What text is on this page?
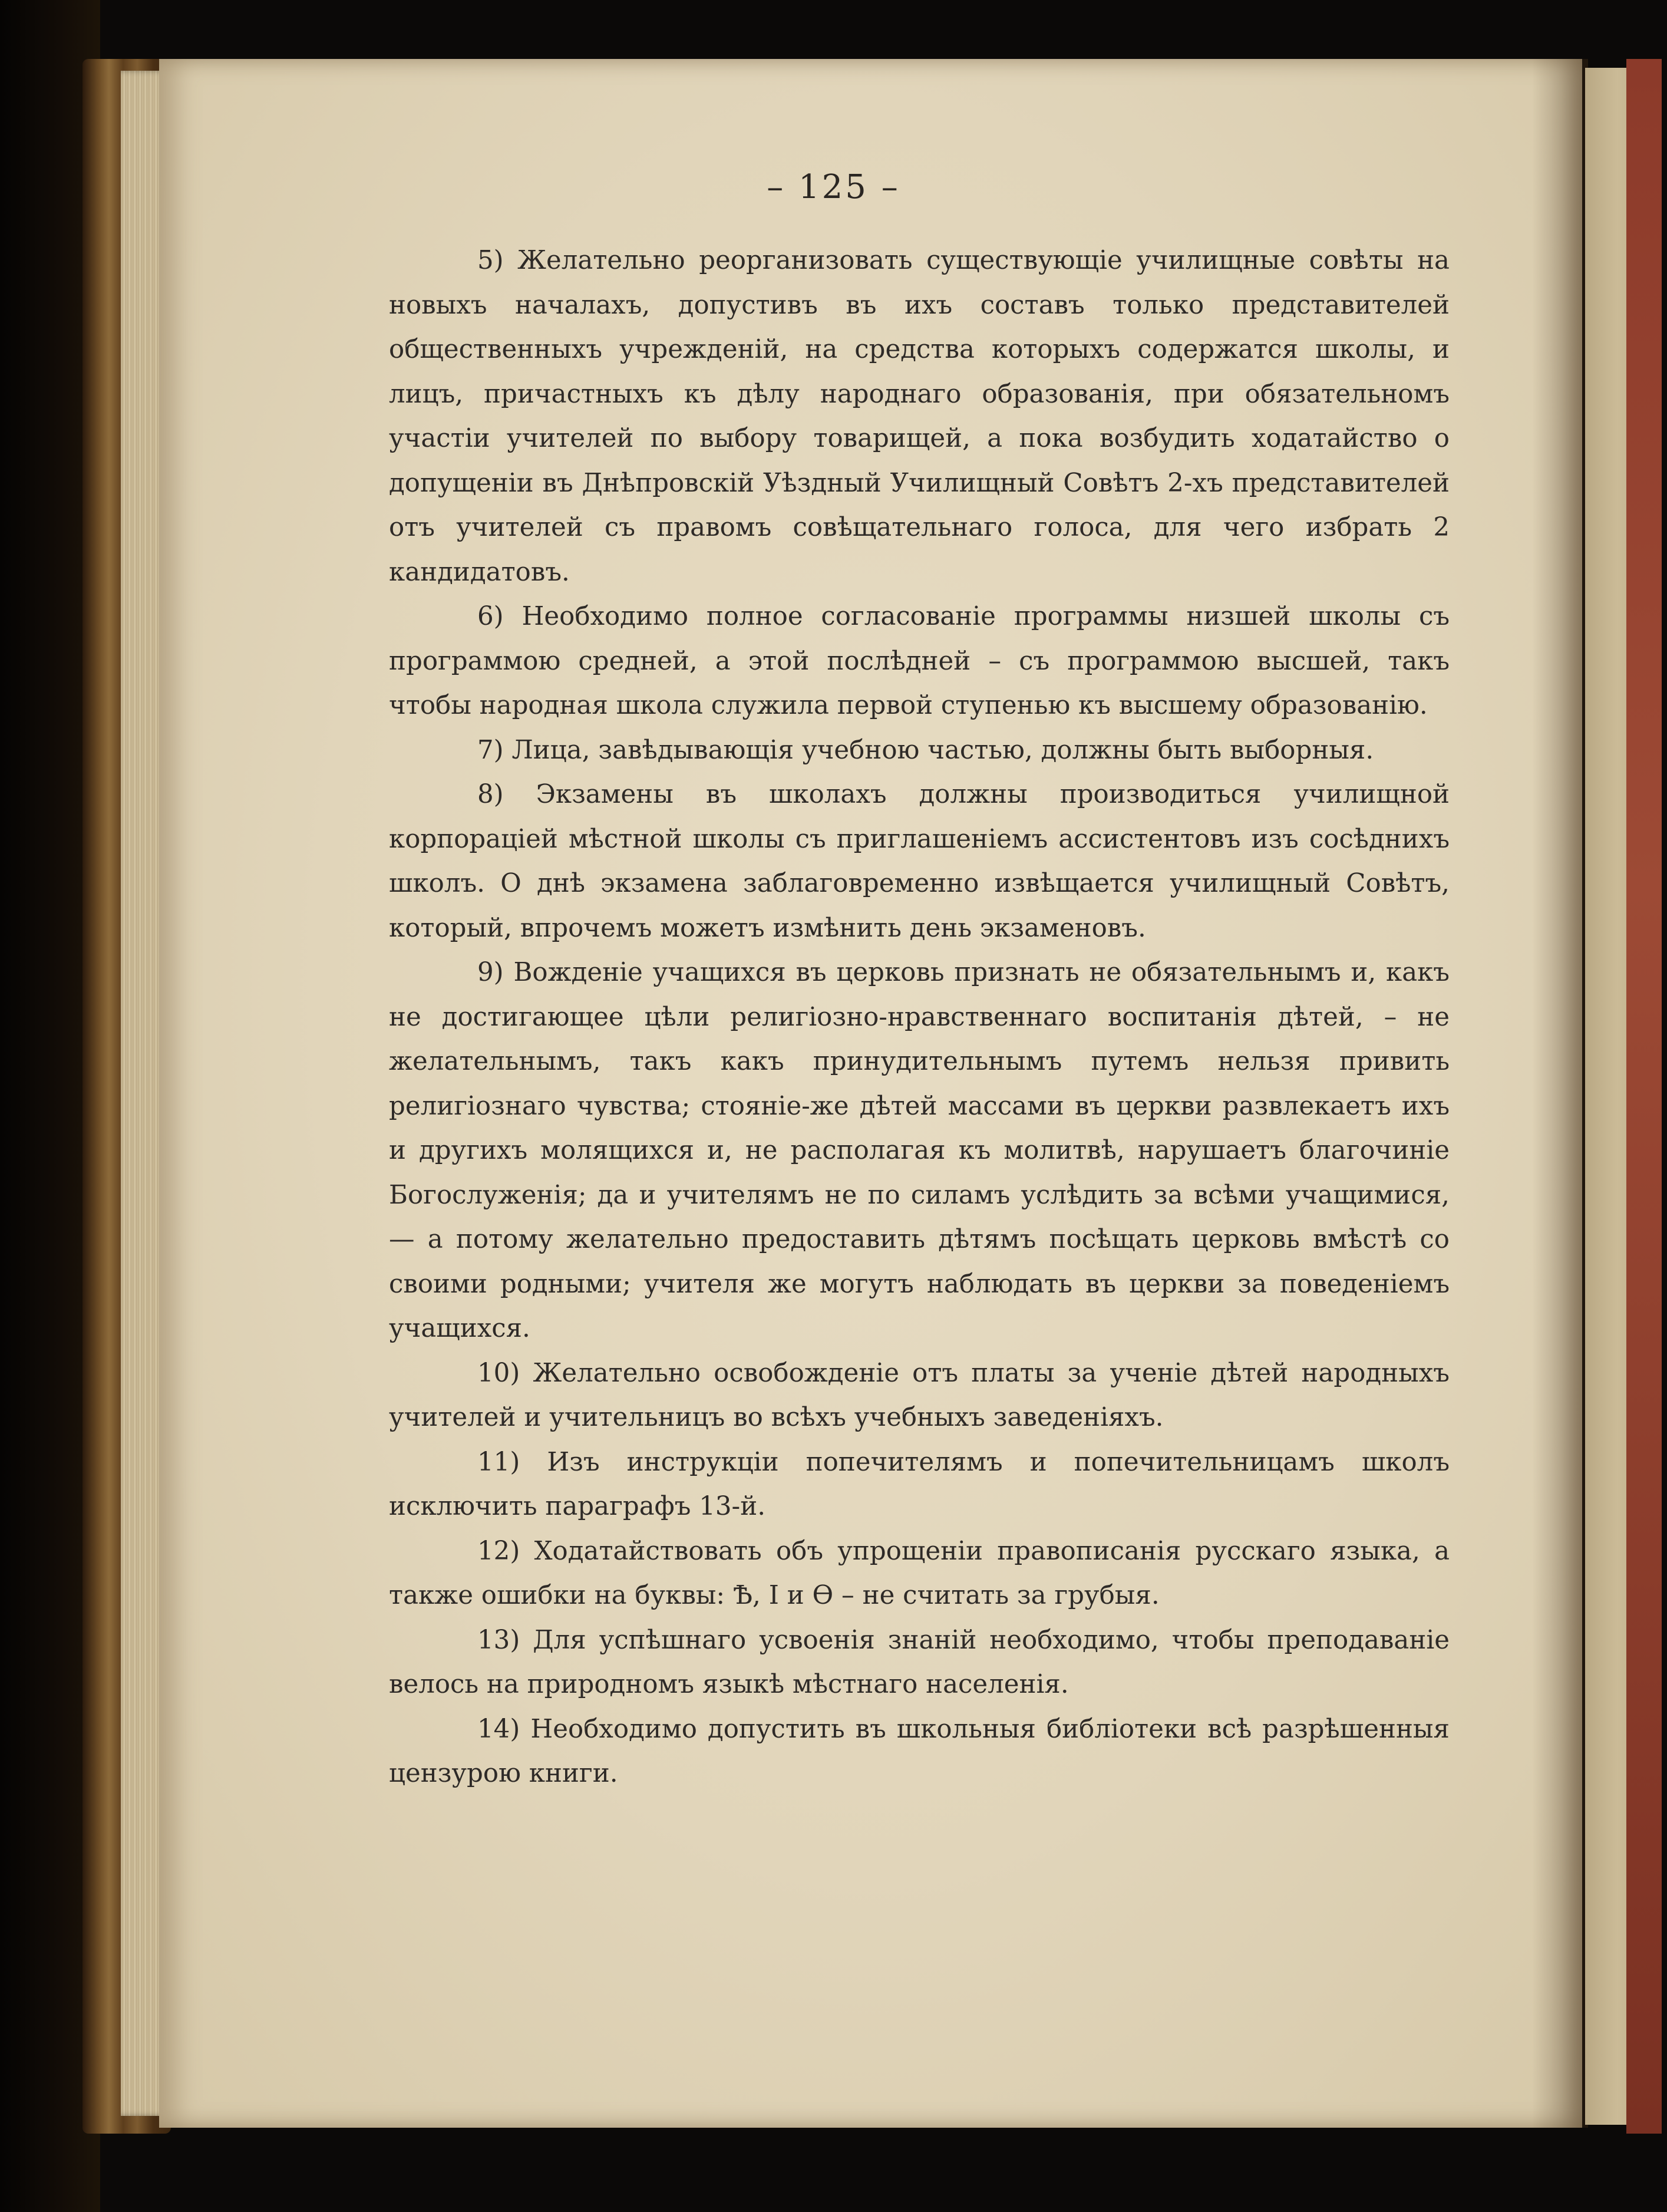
– 125 –

5) Желательно реорганизовать существующіе училищные совѣты на новыхъ началахъ, допустивъ въ ихъ составъ только представителей общественныхъ учрежденій, на средства которыхъ содержатся школы, и лицъ, причастныхъ къ дѣлу народнаго образованія, при обязательномъ участіи учителей по выбору товарищей, а пока возбудить ходатайство о допущеніи въ Днѣпровскій Уѣздный Училищный Совѣтъ 2-хъ представителей отъ учителей съ правомъ совѣщательнаго голоса, для чего избрать 2 кандидатовъ.

6) Необходимо полное согласованіе программы низшей школы съ программою средней, а этой послѣдней – съ программою высшей, такъ чтобы народная школа служила первой ступенью къ высшему образованію.

7) Лица, завѣдывающія учебною частью, должны быть выборныя.

8) Экзамены въ школахъ должны производиться училищной корпораціей мѣстной школы съ приглашеніемъ ассистентовъ изъ сосѣднихъ школъ. О днѣ экзамена заблаговременно извѣщается училищный Совѣтъ, который, впрочемъ можетъ измѣнить день экзаменовъ.

9) Вожденіе учащихся въ церковь признать не обязательнымъ и, какъ не достигающее цѣли религіозно-нравственнаго воспитанія дѣтей, – не желательнымъ, такъ какъ принудительнымъ путемъ нельзя привить религіознаго чувства; стояніе-же дѣтей массами въ церкви развлекаетъ ихъ и другихъ молящихся и, не располагая къ молитвѣ, нарушаетъ благочиніе Богослуженія; да и учителямъ не по силамъ услѣдить за всѣми учащимися, — а потому желательно предоставить дѣтямъ посѣщать церковь вмѣстѣ со своими родными; учителя же могутъ наблюдать въ церкви за поведеніемъ учащихся.

10) Желательно освобожденіе отъ платы за ученіе дѣтей народныхъ учителей и учительницъ во всѣхъ учебныхъ заведеніяхъ.

11) Изъ инструкціи попечителямъ и попечительницамъ школъ исключить параграфъ 13-й.

12) Ходатайствовать объ упрощеніи правописанія русскаго языка, а также ошибки на буквы: Ѣ, І и Ѳ – не считать за грубыя.

13) Для успѣшнаго усвоенія знаній необходимо, чтобы преподаваніе велось на природномъ языкѣ мѣстнаго населенія.

14) Необходимо допустить въ школьныя библіотеки всѣ разрѣшенныя цензурою книги.
